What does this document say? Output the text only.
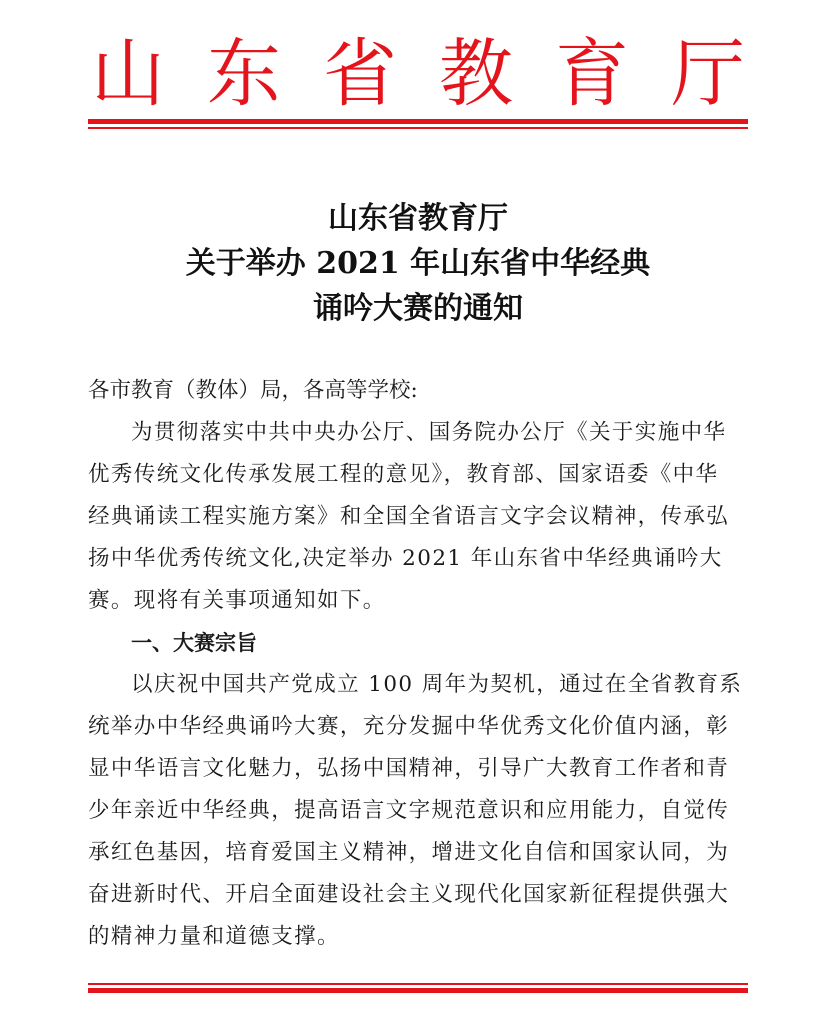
山 东 省 教 育 厅
山东省教育厅
关于举办 2021 年山东省中华经典
诵吟大赛的通知
各市教育（教体）局，各高等学校:
为贯彻落实中共中央办公厅、国务院办公厅《关于实施中华
优秀传统文化传承发展工程的意见》，教育部、国家语委《中华
经典诵读工程实施方案》和全国全省语言文字会议精神，传承弘
扬中华优秀传统文化,决定举办 2021 年山东省中华经典诵吟大
赛。现将有关事项通知如下。
一、大赛宗旨
以庆祝中国共产党成立 100 周年为契机，通过在全省教育系
统举办中华经典诵吟大赛，充分发掘中华优秀文化价值内涵，彰
显中华语言文化魅力，弘扬中国精神，引导广大教育工作者和青
少年亲近中华经典，提高语言文字规范意识和应用能力，自觉传
承红色基因，培育爱国主义精神，增进文化自信和国家认同，为
奋进新时代、开启全面建设社会主义现代化国家新征程提供强大
的精神力量和道德支撑。
